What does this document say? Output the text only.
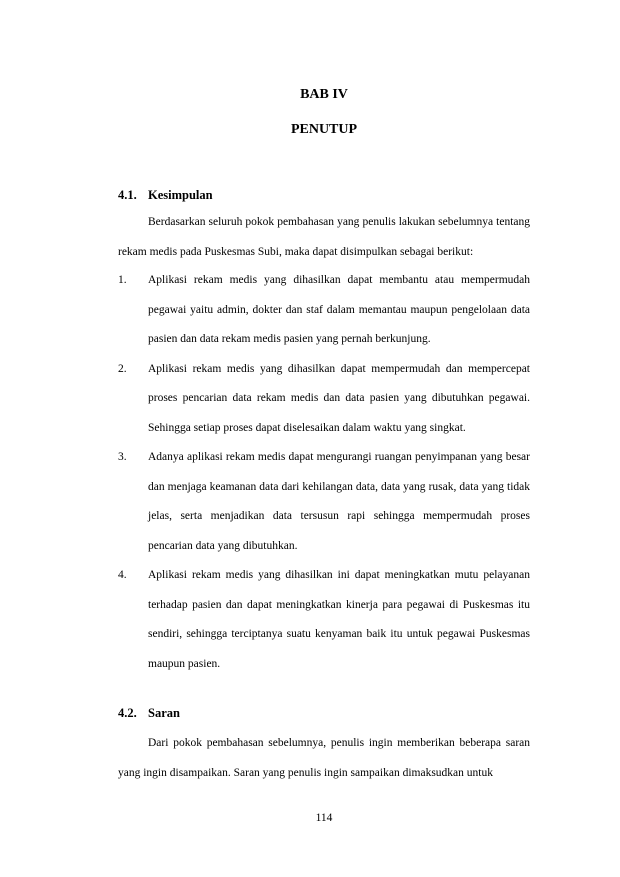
BAB IV
PENUTUP
4.1. Kesimpulan

Berdasarkan seluruh pokok pembahasan yang penulis lakukan sebelumnya tentang rekam medis pada Puskesmas Subi, maka dapat disimpulkan sebagai berikut:

1. Aplikasi rekam medis yang dihasilkan dapat membantu atau mempermudah pegawai yaitu admin, dokter dan staf dalam memantau maupun pengelolaan data pasien dan data rekam medis pasien yang pernah berkunjung.
2. Aplikasi rekam medis yang dihasilkan dapat mempermudah dan mempercepat proses pencarian data rekam medis dan data pasien yang dibutuhkan pegawai. Sehingga setiap proses dapat diselesaikan dalam waktu yang singkat.
3. Adanya aplikasi rekam medis dapat mengurangi ruangan penyimpanan yang besar dan menjaga keamanan data dari kehilangan data, data yang rusak, data yang tidak jelas, serta menjadikan data tersusun rapi sehingga mempermudah proses pencarian data yang dibutuhkan.
4. Aplikasi rekam medis yang dihasilkan ini dapat meningkatkan mutu pelayanan terhadap pasien dan dapat meningkatkan kinerja para pegawai di Puskesmas itu sendiri, sehingga terciptanya suatu kenyaman baik itu untuk pegawai Puskesmas maupun pasien.
4.2. Saran

Dari pokok pembahasan sebelumnya, penulis ingin memberikan beberapa saran yang ingin disampaikan. Saran yang penulis ingin sampaikan dimaksudkan untuk

114
